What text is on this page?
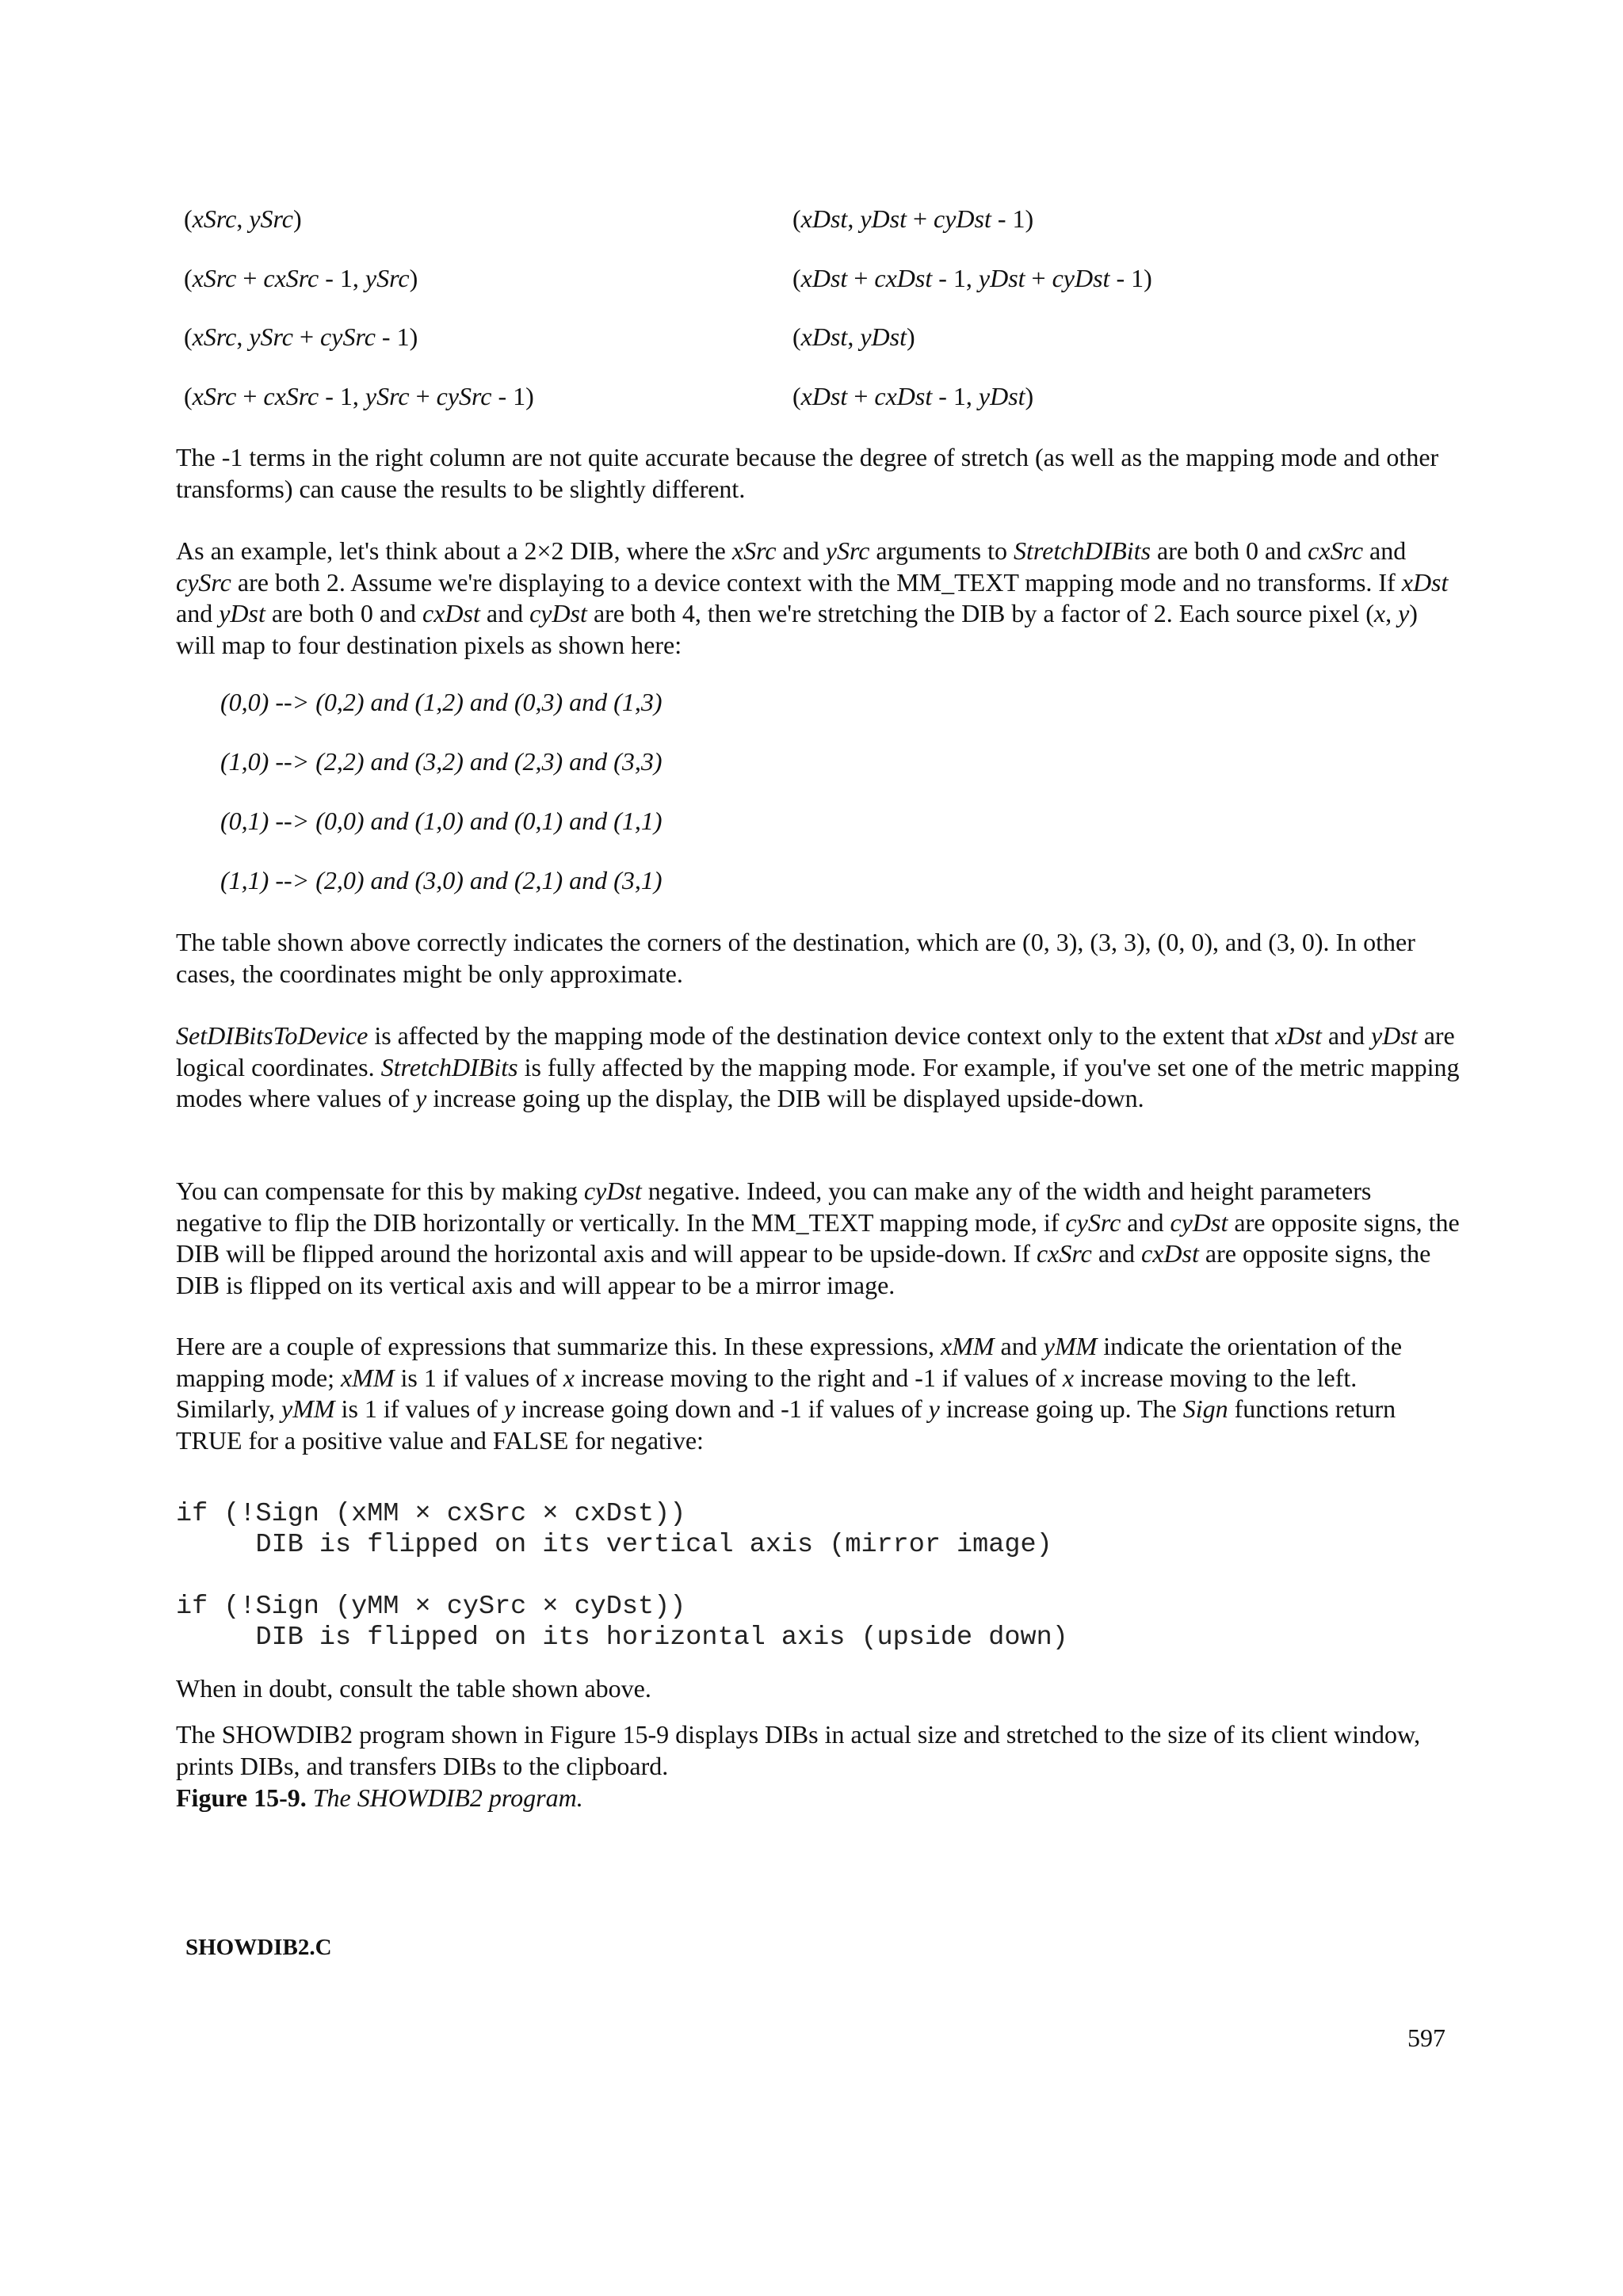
(xSrc, ySrc)	(xDst, yDst + cyDst - 1)
(xSrc + cxSrc - 1, ySrc)	(xDst + cxDst - 1, yDst + cyDst - 1)
(xSrc, ySrc + cySrc - 1)	(xDst, yDst)
(xSrc + cxSrc - 1, ySrc + cySrc - 1)	(xDst + cxDst - 1, yDst)

The -1 terms in the right column are not quite accurate because the degree of stretch (as well as the mapping mode and other transforms) can cause the results to be slightly different.

As an example, let's think about a 2×2 DIB, where the xSrc and ySrc arguments to StretchDIBits are both 0 and cxSrc and cySrc are both 2. Assume we're displaying to a device context with the MM_TEXT mapping mode and no transforms. If xDst and yDst are both 0 and cxDst and cyDst are both 4, then we're stretching the DIB by a factor of 2. Each source pixel (x, y) will map to four destination pixels as shown here:

(0,0) --> (0,2) and (1,2) and (0,3) and (1,3)

(1,0) --> (2,2) and (3,2) and (2,3) and (3,3)

(0,1) --> (0,0) and (1,0) and (0,1) and (1,1)

(1,1) --> (2,0) and (3,0) and (2,1) and (3,1)

The table shown above correctly indicates the corners of the destination, which are (0, 3), (3, 3), (0, 0), and (3, 0). In other cases, the coordinates might be only approximate.

SetDIBitsToDevice is affected by the mapping mode of the destination device context only to the extent that xDst and yDst are logical coordinates. StretchDIBits is fully affected by the mapping mode. For example, if you've set one of the metric mapping modes where values of y increase going up the display, the DIB will be displayed upside-down.

You can compensate for this by making cyDst negative. Indeed, you can make any of the width and height parameters negative to flip the DIB horizontally or vertically. In the MM_TEXT mapping mode, if cySrc and cyDst are opposite signs, the DIB will be flipped around the horizontal axis and will appear to be upside-down. If cxSrc and cxDst are opposite signs, the DIB is flipped on its vertical axis and will appear to be a mirror image.

Here are a couple of expressions that summarize this. In these expressions, xMM and yMM indicate the orientation of the mapping mode; xMM is 1 if values of x increase moving to the right and -1 if values of x increase moving to the left. Similarly, yMM is 1 if values of y increase going down and -1 if values of y increase going up. The Sign functions return TRUE for a positive value and FALSE for negative:

if (!Sign (xMM × cxSrc × cxDst))
DIB is flipped on its vertical axis (mirror image)
if (!Sign (yMM × cySrc × cyDst))
DIB is flipped on its horizontal axis (upside down)

When in doubt, consult the table shown above.

The SHOWDIB2 program shown in Figure 15-9 displays DIBs in actual size and stretched to the size of its client window, prints DIBs, and transfers DIBs to the clipboard.

Figure 15-9. The SHOWDIB2 program.

SHOWDIB2.C

597
